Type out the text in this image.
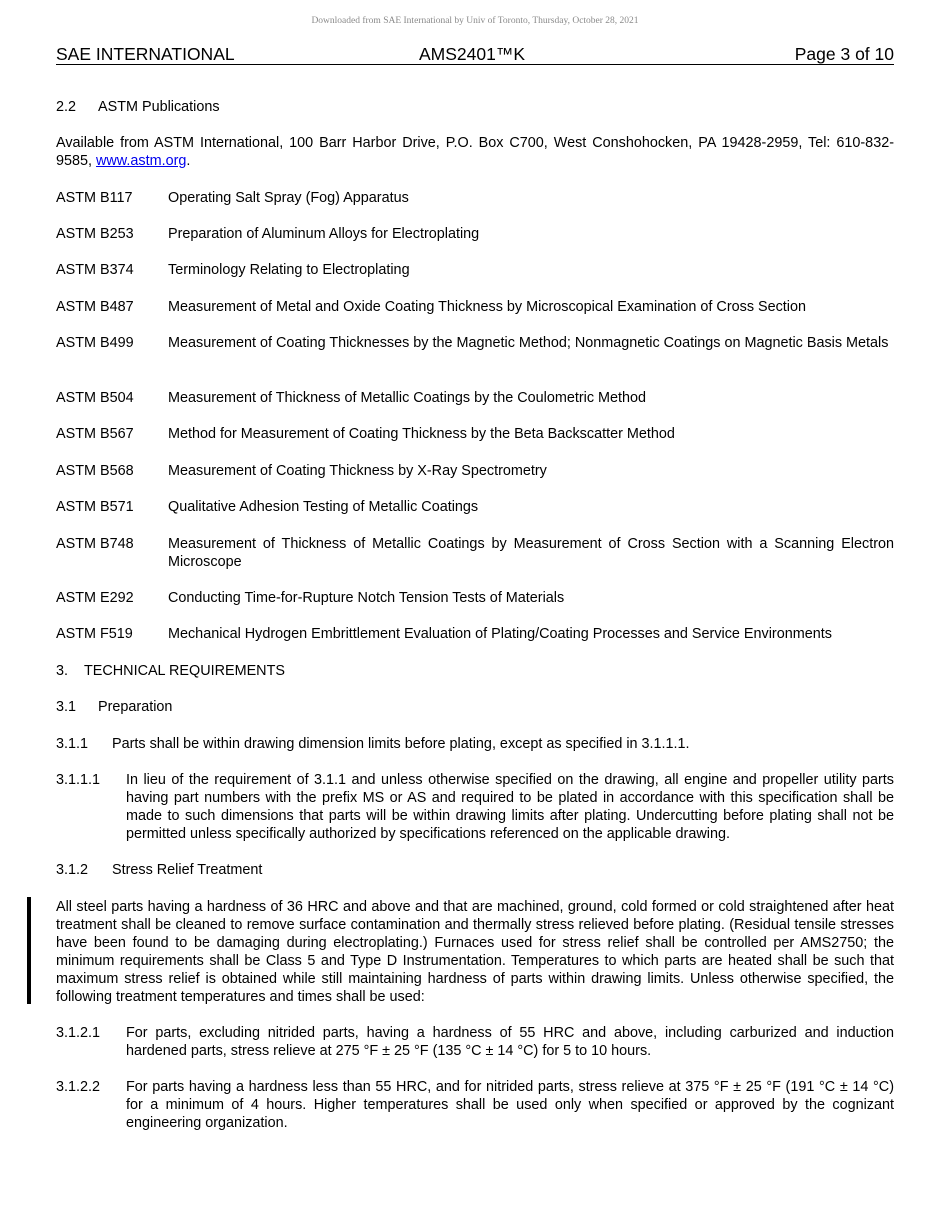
Downloaded from SAE International by Univ of Toronto, Thursday, October 28, 2021
SAE INTERNATIONAL	AMS2401™K	Page 3 of 10
2.2 ASTM Publications
Available from ASTM International, 100 Barr Harbor Drive, P.O. Box C700, West Conshohocken, PA 19428-2959, Tel: 610-832-9585, www.astm.org.
ASTM B117 Operating Salt Spray (Fog) Apparatus
ASTM B253 Preparation of Aluminum Alloys for Electroplating
ASTM B374 Terminology Relating to Electroplating
ASTM B487 Measurement of Metal and Oxide Coating Thickness by Microscopical Examination of Cross Section
ASTM B499 Measurement of Coating Thicknesses by the Magnetic Method; Nonmagnetic Coatings on Magnetic Basis Metals
ASTM B504 Measurement of Thickness of Metallic Coatings by the Coulometric Method
ASTM B567 Method for Measurement of Coating Thickness by the Beta Backscatter Method
ASTM B568 Measurement of Coating Thickness by X-Ray Spectrometry
ASTM B571 Qualitative Adhesion Testing of Metallic Coatings
ASTM B748 Measurement of Thickness of Metallic Coatings by Measurement of Cross Section with a Scanning Electron Microscope
ASTM E292 Conducting Time-for-Rupture Notch Tension Tests of Materials
ASTM F519 Mechanical Hydrogen Embrittlement Evaluation of Plating/Coating Processes and Service Environments
3. TECHNICAL REQUIREMENTS
3.1 Preparation
3.1.1 Parts shall be within drawing dimension limits before plating, except as specified in 3.1.1.1.
3.1.1.1 In lieu of the requirement of 3.1.1 and unless otherwise specified on the drawing, all engine and propeller utility parts having part numbers with the prefix MS or AS and required to be plated in accordance with this specification shall be made to such dimensions that parts will be within drawing limits after plating. Undercutting before plating shall not be permitted unless specifically authorized by specifications referenced on the applicable drawing.
3.1.2 Stress Relief Treatment
All steel parts having a hardness of 36 HRC and above and that are machined, ground, cold formed or cold straightened after heat treatment shall be cleaned to remove surface contamination and thermally stress relieved before plating. (Residual tensile stresses have been found to be damaging during electroplating.) Furnaces used for stress relief shall be controlled per AMS2750; the minimum requirements shall be Class 5 and Type D Instrumentation. Temperatures to which parts are heated shall be such that maximum stress relief is obtained while still maintaining hardness of parts within drawing limits. Unless otherwise specified, the following treatment temperatures and times shall be used:
3.1.2.1 For parts, excluding nitrided parts, having a hardness of 55 HRC and above, including carburized and induction hardened parts, stress relieve at 275 °F ± 25 °F (135 °C ± 14 °C) for 5 to 10 hours.
3.1.2.2 For parts having a hardness less than 55 HRC, and for nitrided parts, stress relieve at 375 °F ± 25 °F (191 °C ± 14 °C) for a minimum of 4 hours. Higher temperatures shall be used only when specified or approved by the cognizant engineering organization.
